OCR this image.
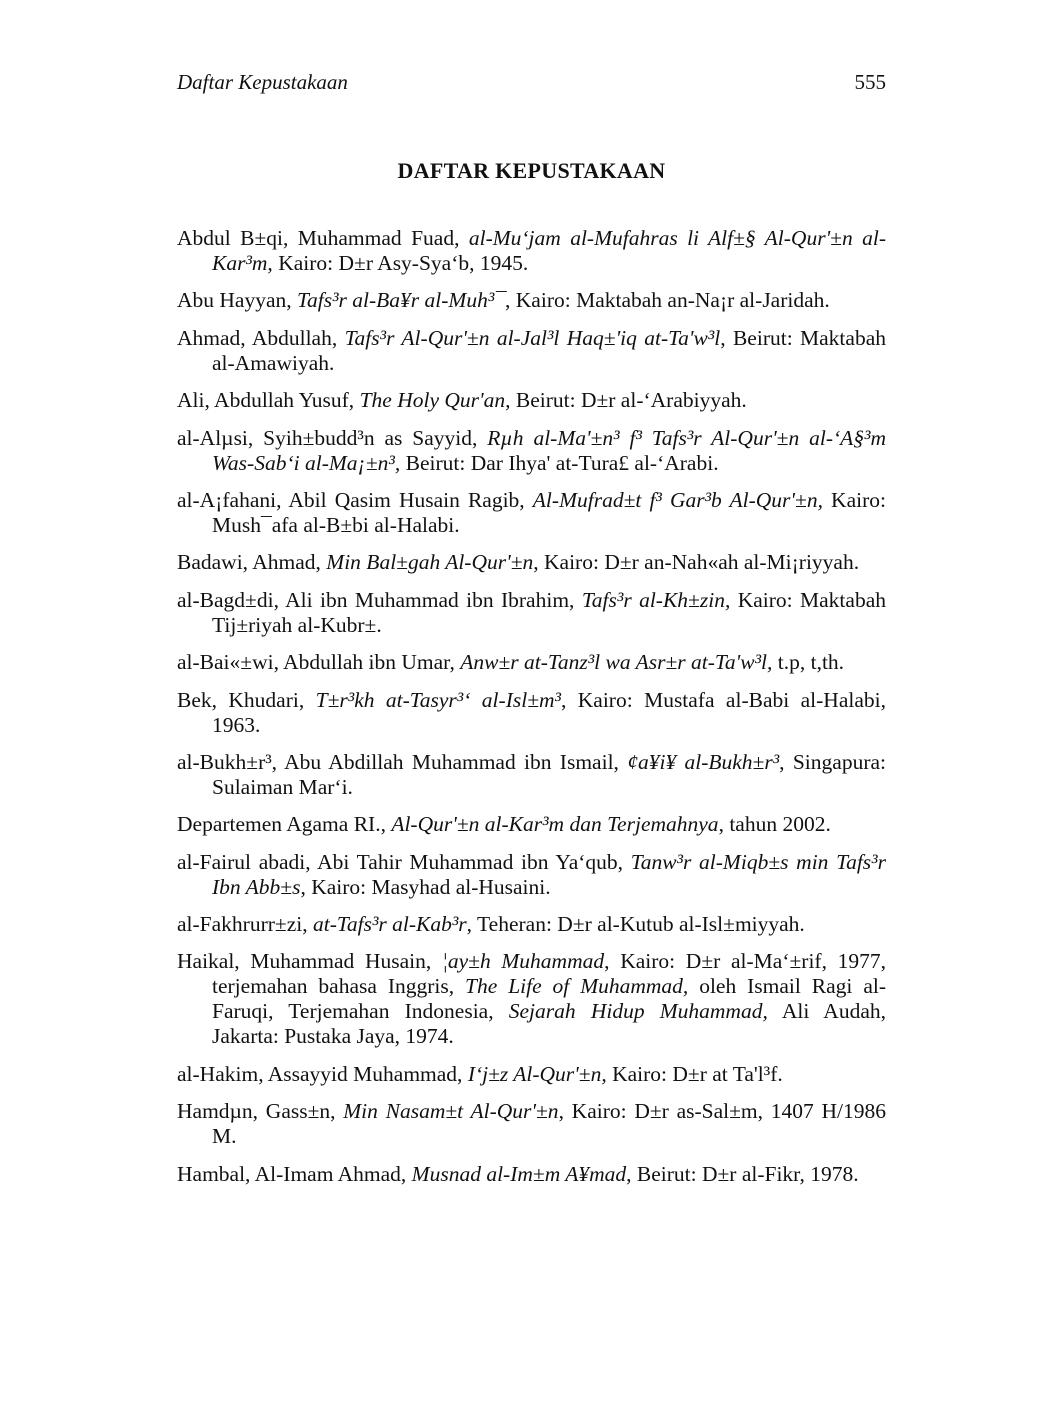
Daftar Kepustakaan	555
DAFTAR KEPUSTAKAAN
Abdul B±qi, Muhammad Fuad, al-Mu‘jam al-Mufahras li Alf±§ Al-Qur'±n al-Kar³m, Kairo: D±r Asy-Sya‘b, 1945.
Abu Hayyan, Tafs³r al-Ba¥r al-Muh³¯, Kairo: Maktabah an-Na¡r al-Jaridah.
Ahmad, Abdullah, Tafs³r Al-Qur'±n al-Jal³l Haq±'iq at-Ta'w³l, Beirut: Maktabah al-Amawiyah.
Ali, Abdullah Yusuf, The Holy Qur'an, Beirut: D±r al-‘Arabiyyah.
al-Alµsi, Syih±budd³n as Sayyid, Rµh al-Ma'±n³ f³ Tafs³r Al-Qur'±n al-‘A§³m Was-Sab‘i al-Ma¡±n³, Beirut: Dar Ihya' at-Tura£ al-‘Arabi.
al-A¡fahani, Abil Qasim Husain Ragib, Al-Mufrad±t f³ Gar³b Al-Qur'±n, Kairo: Mush¯afa al-B±bi al-Halabi.
Badawi, Ahmad, Min Bal±gah Al-Qur'±n, Kairo: D±r an-Nah«ah al-Mi¡riyyah.
al-Bagd±di, Ali ibn Muhammad ibn Ibrahim, Tafs³r al-Kh±zin, Kairo: Maktabah Tij±riyah al-Kubr±.
al-Bai«±wi, Abdullah ibn Umar, Anw±r at-Tanz³l wa Asr±r at-Ta'w³l, t.p, t,th.
Bek, Khudari, T±r³kh at-Tasyr³‘ al-Isl±m³, Kairo: Mustafa al-Babi al-Halabi, 1963.
al-Bukh±r³, Abu Abdillah Muhammad ibn Ismail, ¢a¥i¥ al-Bukh±r³, Singapura: Sulaiman Mar‘i.
Departemen Agama RI., Al-Qur'±n al-Kar³m dan Terjemahnya, tahun 2002.
al-Fairul abadi, Abi Tahir Muhammad ibn Ya‘qub, Tanw³r al-Miqb±s min Tafs³r Ibn Abb±s, Kairo: Masyhad al-Husaini.
al-Fakhrurr±zi, at-Tafs³r al-Kab³r, Teheran: D±r al-Kutub al-Isl±miyyah.
Haikal, Muhammad Husain, ¦ay±h Muhammad, Kairo: D±r al-Ma‘±rif, 1977, terjemahan bahasa Inggris, The Life of Muhammad, oleh Ismail Ragi al-Faruqi, Terjemahan Indonesia, Sejarah Hidup Muhammad, Ali Audah, Jakarta: Pustaka Jaya, 1974.
al-Hakim, Assayyid Muhammad, I‘j±z Al-Qur'±n, Kairo: D±r at Ta'l³f.
Hamdµn, Gass±n, Min Nasam±t Al-Qur'±n, Kairo: D±r as-Sal±m, 1407 H/1986 M.
Hambal, Al-Imam Ahmad, Musnad al-Im±m A¥mad, Beirut: D±r al-Fikr, 1978.
